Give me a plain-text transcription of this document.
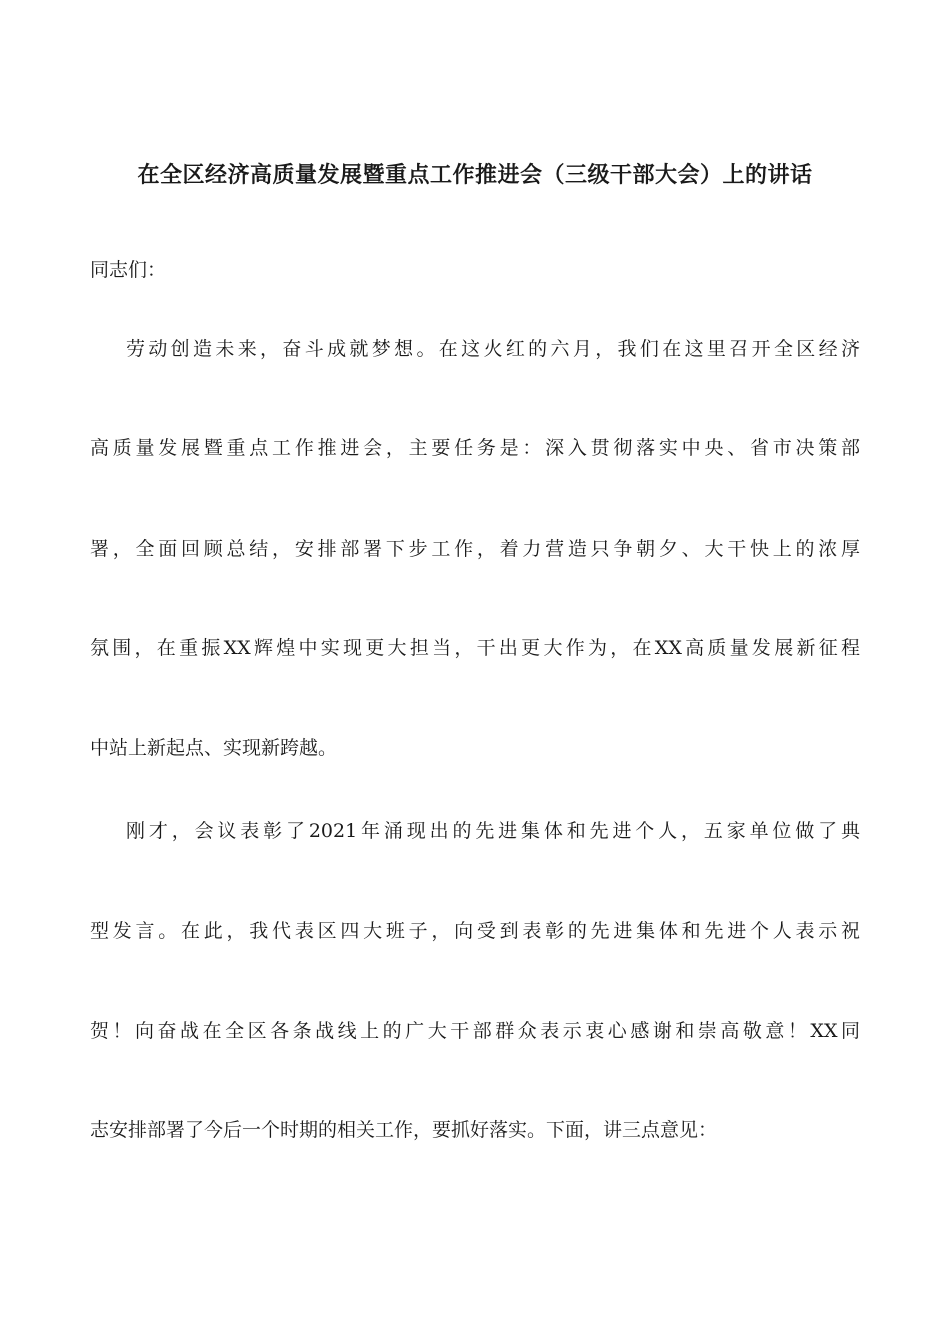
在全区经济高质量发展暨重点工作推进会（三级干部大会）上的讲话
同志们：
劳动创造未来，奋斗成就梦想。在这火红的六月，我们在这里召开全区经济
高质量发展暨重点工作推进会，主要任务是：深入贯彻落实中央、省市决策部
署，全面回顾总结，安排部署下步工作，着力营造只争朝夕、大干快上的浓厚
氛围，在重振XX辉煌中实现更大担当，干出更大作为，在XX高质量发展新征程
中站上新起点、实现新跨越。
刚才，会议表彰了2021年涌现出的先进集体和先进个人，五家单位做了典
型发言。在此，我代表区四大班子，向受到表彰的先进集体和先进个人表示祝
贺！向奋战在全区各条战线上的广大干部群众表示衷心感谢和崇高敬意！XX同
志安排部署了今后一个时期的相关工作，要抓好落实。下面，讲三点意见：
